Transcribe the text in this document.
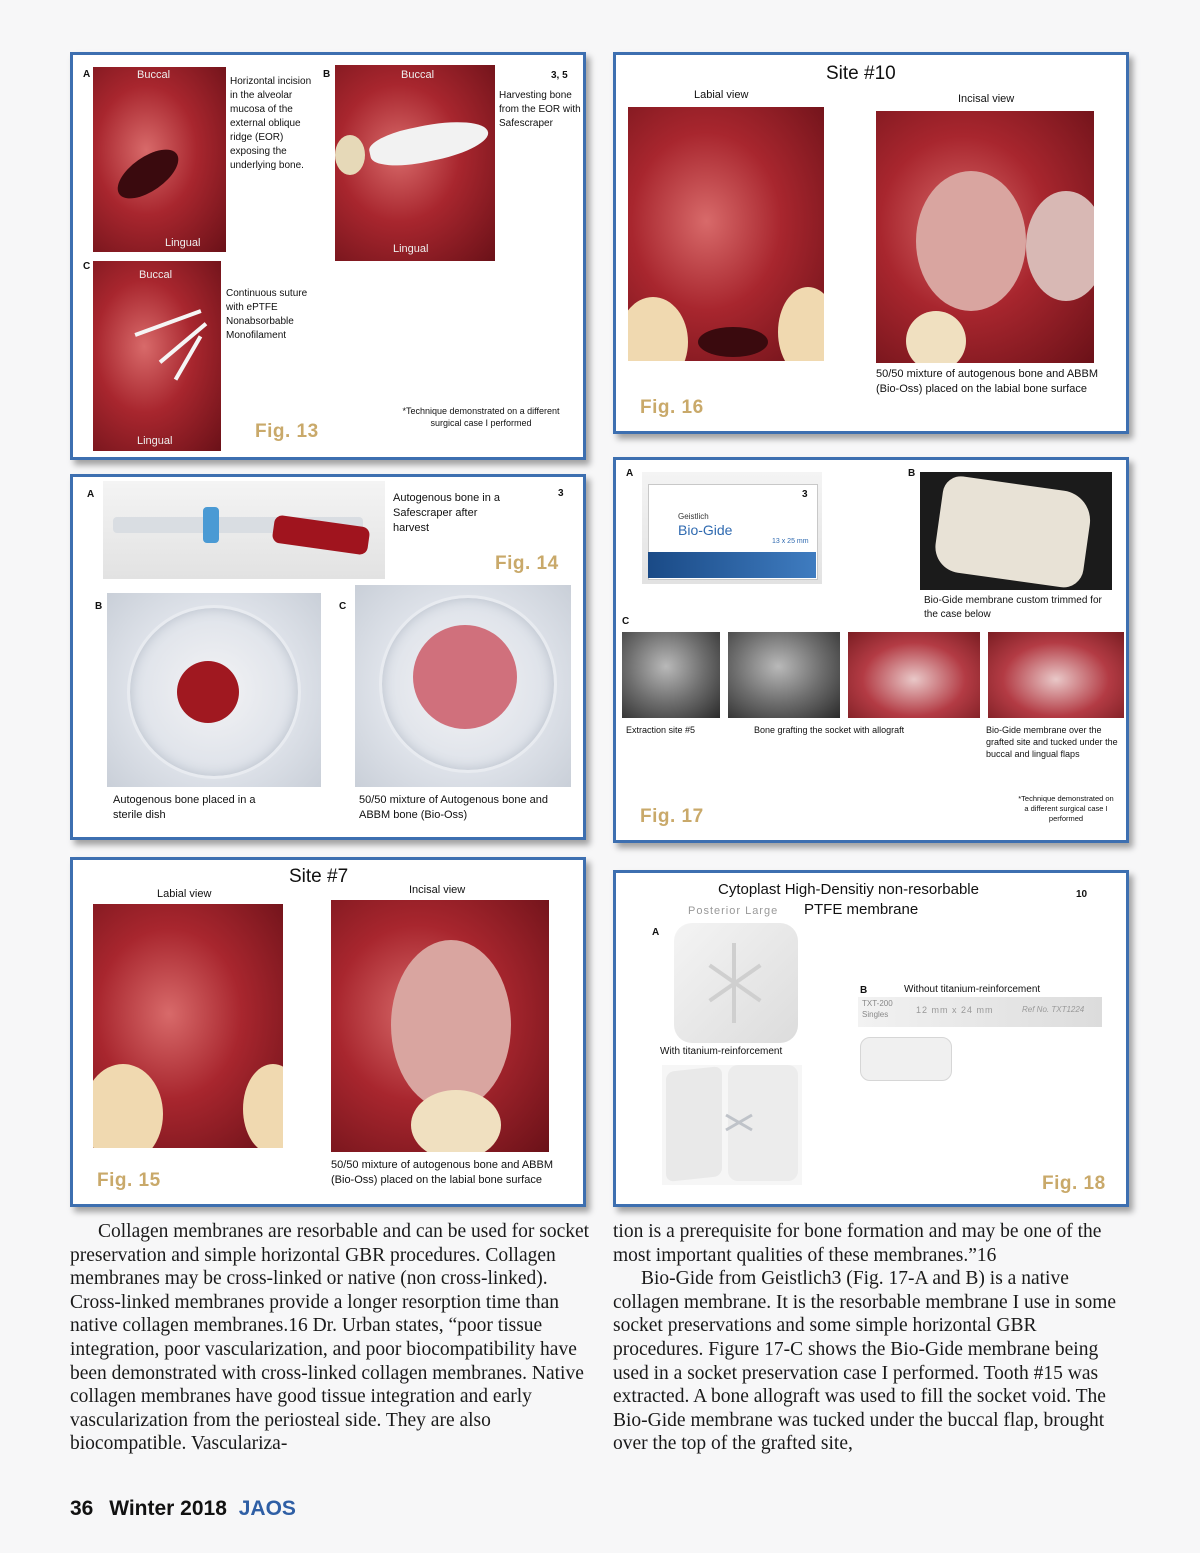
A	Buccal
Lingual
Horizontal incision in the alveolar mucosa of the external oblique ridge (EOR) exposing the underlying bone.
B	Buccal
Lingual
3, 5
Harvesting bone from the EOR with Safescraper
C
Buccal
Lingual
Continuous suture with ePTFE Nonabsorbable Monofilament
*Technique demonstrated on a different surgical case I performed
Fig. 13
Site #10
Labial view	Incisal view
50/50 mixture of autogenous bone and ABBM (Bio-Oss) placed on the labial bone surface
Fig. 16
A	Autogenous bone in a Safescraper after harvest
3
Fig. 14
B
Autogenous bone placed in a sterile dish
C
50/50 mixture of Autogenous bone and ABBM bone (Bio-Oss)
A
Geistlich
Bio-Gide
13 x 25 mm
3
B
Bio-Gide membrane custom trimmed for the case below
C
Extraction site #5	Bone grafting the socket with allograft	Bio-Gide membrane over the grafted site and tucked under the buccal and lingual flaps
*Technique demonstrated on a different surgical case I performed
Fig. 17
Site #7
Labial view	Incisal view
50/50 mixture of autogenous bone and ABBM (Bio-Oss) placed on the labial bone surface
Fig. 15
Cytoplast High-Densitiy non-resorbable
PTFE membrane
10
Posterior Large
A
With titanium-reinforcement
B	Without titanium-reinforcement
TXT-200
Singles	12 mm x 24 mm	Ref No. TXT1224
Fig. 18

Collagen membranes are resorbable and can be used for socket preservation and simple horizontal GBR procedures. Collagen membranes may be cross-linked or native (non cross-linked). Cross-linked membranes provide a longer resorption time than native collagen membranes.16 Dr. Urban states, “poor tissue integration, poor vascularization, and poor biocompatibility have been demonstrated with cross-linked collagen membranes. Native collagen membranes have good tissue integration and early vascularization from the periosteal side. They are also biocompatible. Vasculariza-

tion is a prerequisite for bone formation and may be one of the most important qualities of these membranes.”16

Bio-Gide from Geistlich3 (Fig. 17-A and B) is a native collagen membrane. It is the resorbable membrane I use in some socket preservations and some simple horizontal GBR procedures. Figure 17-C shows the Bio-Gide membrane being used in a socket preservation case I performed. Tooth #15 was extracted. A bone allograft was used to fill the socket void. The Bio-Gide membrane was tucked under the buccal flap, brought over the top of the grafted site,

36 Winter 2018 JAOS
